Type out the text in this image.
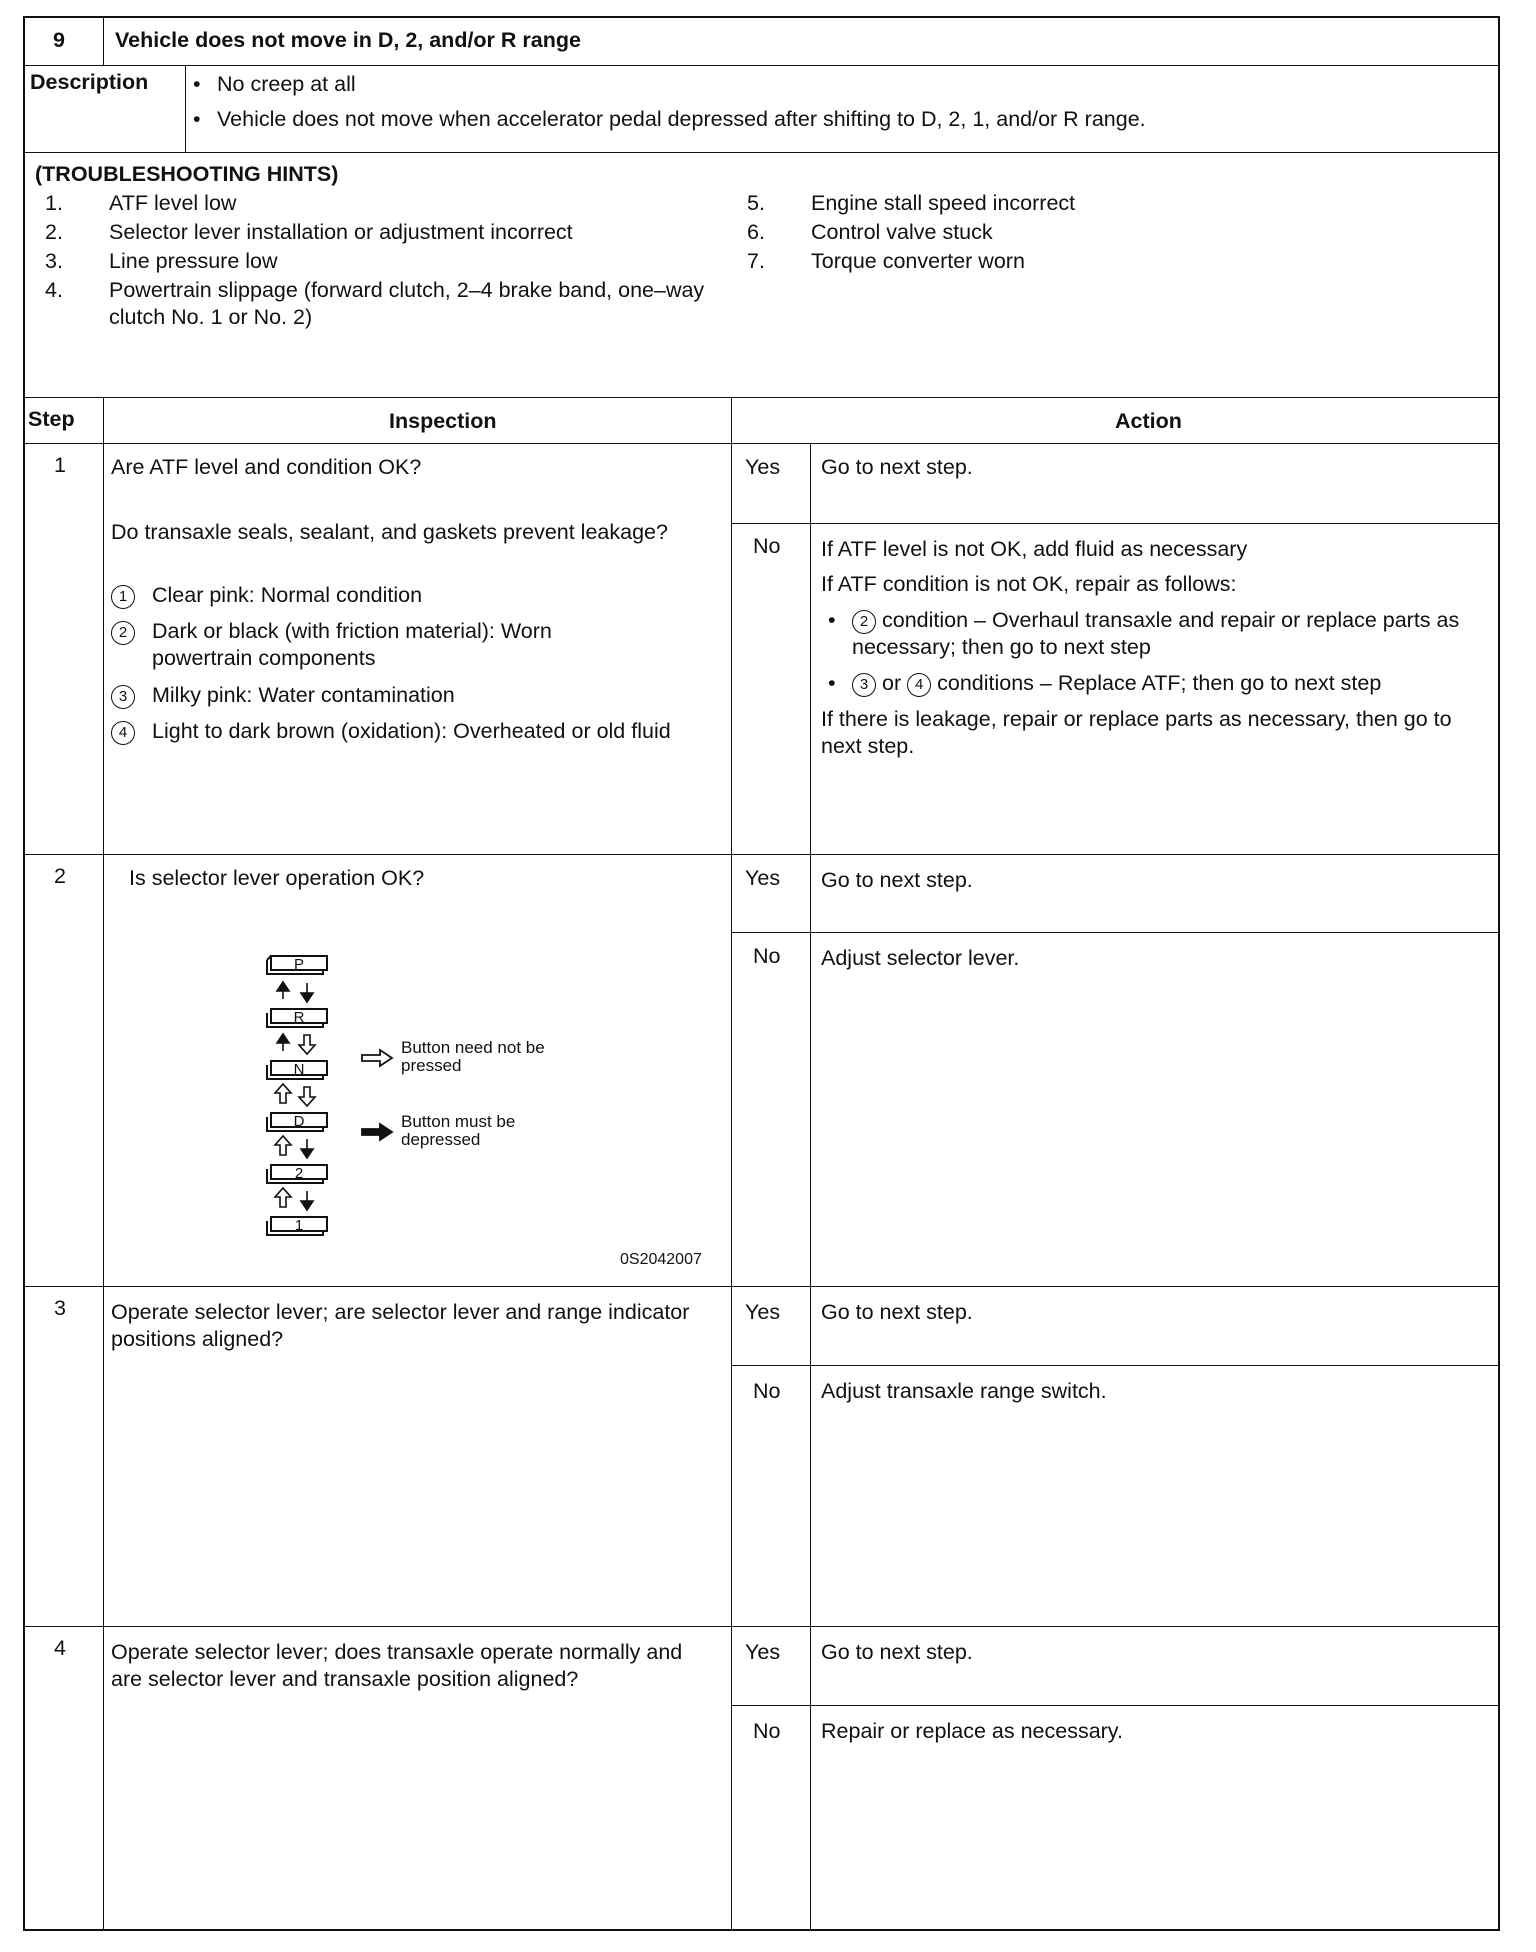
9 Vehicle does not move in D, 2, and/or R range
Description
•	No creep at all
• Vehicle does not move when accelerator pedal depressed after shifting to D, 2, 1, and/or R range.
(TROUBLESHOOTING HINTS)
1. ATF level low
2. Selector lever installation or adjustment incorrect
3. Line pressure low
4. Powertrain slippage (forward clutch, 2–4 brake band, one–way clutch No. 1 or No. 2)
5. Engine stall speed incorrect
6. Control valve stuck
7. Torque converter worn
Step	Inspection	Action
1 Are ATF level and condition OK?
Do transaxle seals, sealant, and gaskets prevent leakage?
1	Clear pink: Normal condition
2	Dark or black (with friction material): Worn powertrain components
3	Milky pink: Water contamination
4	Light to dark brown (oxidation): Overheated or old fluid
Yes Go to next step.
No If ATF level is not OK, add fluid as necessary
If ATF condition is not OK, repair as follows:
• 2 condition – Overhaul transaxle and repair or replace parts as necessary; then go to next step
• 3 or 4 conditions – Replace ATF; then go to next step
If there is leakage, repair or replace parts as necessary, then go to next step.
2	Is selector lever operation OK?
P
R
N
D
2
1
Button need not be pressed
Button must be depressed
0S2042007
Yes Go to next step.
No Adjust selector lever.
3 Operate selector lever; are selector lever and range indicator positions aligned?
Yes Go to next step.
No Adjust transaxle range switch.
4 Operate selector lever; does transaxle operate normally and are selector lever and transaxle position aligned?
Yes Go to next step.
No Repair or replace as necessary.
